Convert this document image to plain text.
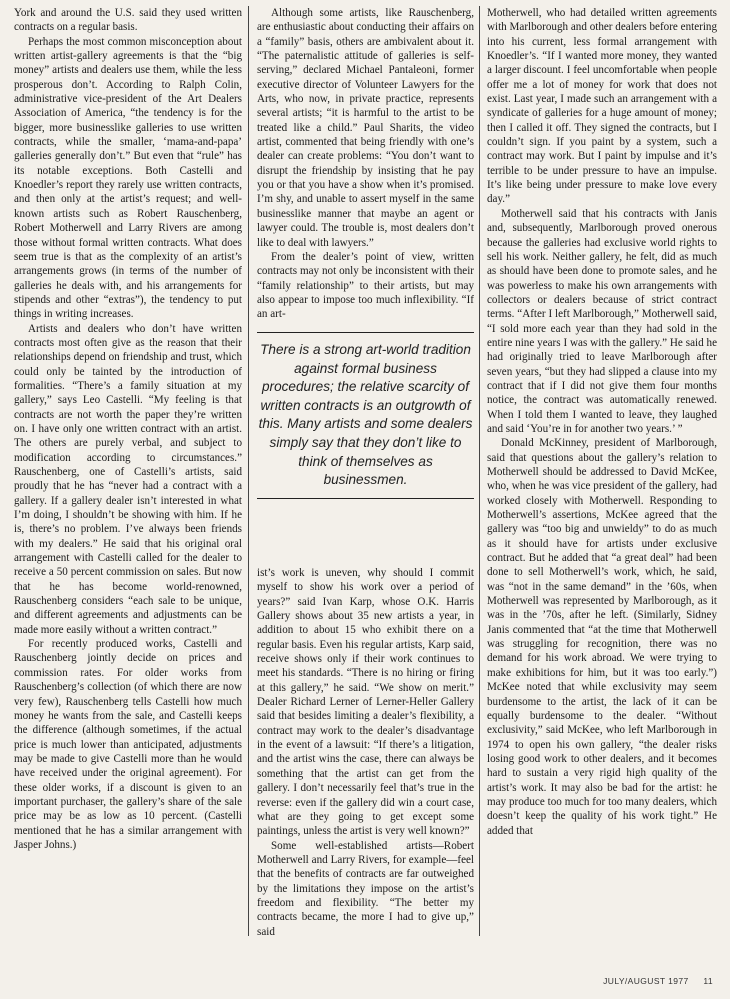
York and around the U.S. said they used written contracts on a regular basis.

Perhaps the most common misconception about written artist-gallery agreements is that the “big money” artists and dealers use them, while the less prosperous don’t. According to Ralph Colin, administrative vice-president of the Art Dealers Association of America, “the tendency is for the bigger, more businesslike galleries to use written contracts, while the smaller, ‘mama-and-papa’ galleries generally don’t.” But even that “rule” has its notable exceptions. Both Castelli and Knoedler’s report they rarely use written contracts, and then only at the artist’s request; and well-known artists such as Robert Rauschenberg, Robert Motherwell and Larry Rivers are among those without formal written contracts. What does seem true is that as the complexity of an artist’s arrangements grows (in terms of the number of galleries he deals with, and his arrangements for stipends and other “extras”), the tendency to put things in writing increases.

Artists and dealers who don’t have written contracts most often give as the reason that their relationships depend on friendship and trust, which could only be tainted by the introduction of formalities. “There’s a family situation at my gallery,” says Leo Castelli. “My feeling is that contracts are not worth the paper they’re written on. I have only one written contract with an artist. The others are purely verbal, and subject to modification according to circumstances.” Rauschenberg, one of Castelli’s artists, said proudly that he has “never had a contract with a gallery. If a gallery dealer isn’t interested in what I’m doing, I shouldn’t be showing with him. If he is, there’s no problem. I’ve always been friends with my dealers.” He said that his original oral arrangement with Castelli called for the dealer to receive a 50 percent commission on sales. But now that he has become world-renowned, Rauschenberg considers “each sale to be unique, and different agreements and adjustments can be made more easily without a written contract.”

For recently produced works, Castelli and Rauschenberg jointly decide on prices and commission rates. For older works from Rauschenberg’s collection (of which there are now very few), Rauschenberg tells Castelli how much money he wants from the sale, and Castelli keeps the difference (although sometimes, if the actual price is much lower than anticipated, adjustments may be made to give Castelli more than he would have received under the original agreement). For these older works, if a discount is given to an important purchaser, the gallery’s share of the sale price may be as low as 10 percent. (Castelli mentioned that he has a similar arrangement with Jasper Johns.)

Although some artists, like Rauschenberg, are enthusiastic about conducting their affairs on a “family” basis, others are ambivalent about it. “The paternalistic attitude of galleries is self-serving,” declared Michael Pantaleoni, former executive director of Volunteer Lawyers for the Arts, who now, in private practice, represents several artists; “it is harmful to the artist to be treated like a child.” Paul Sharits, the video artist, commented that being friendly with one’s dealer can create problems: “You don’t want to disrupt the friendship by insisting that he pay you or that you have a show when it’s promised. I’m shy, and unable to assert myself in the same businesslike manner that maybe an agent or lawyer could. The trouble is, most dealers don’t like to deal with lawyers.”

From the dealer’s point of view, written contracts may not only be inconsistent with their “family relationship” to their artists, but may also appear to impose too much inflexibility. “If an art-

There is a strong art-world tradition against formal business procedures; the relative scarcity of written contracts is an outgrowth of this. Many artists and some dealers simply say that they don’t like to think of themselves as businessmen.

ist’s work is uneven, why should I commit myself to show his work over a period of years?” said Ivan Karp, whose O.K. Harris Gallery shows about 35 new artists a year, in addition to about 15 who exhibit there on a regular basis. Even his regular artists, Karp said, receive shows only if their work continues to meet his standards. “There is no hiring or firing at this gallery,” he said. “We show on merit.” Dealer Richard Lerner of Lerner-Heller Gallery said that besides limiting a dealer’s flexibility, a contract may work to the dealer’s disadvantage in the event of a lawsuit: “If there’s a litigation, and the artist wins the case, there can always be something that the artist can get from the gallery. I don’t necessarily feel that’s true in the reverse: even if the gallery did win a court case, what are they going to get except some paintings, unless the artist is very well known?”

Some well-established artists—Robert Motherwell and Larry Rivers, for example—feel that the benefits of contracts are far outweighed by the limitations they impose on the artist’s freedom and flexibility. “The better my contracts became, the more I had to give up,” said

Motherwell, who had detailed written agreements with Marlborough and other dealers before entering into his current, less formal arrangement with Knoedler’s. “If I wanted more money, they wanted a larger discount. I feel uncomfortable when people offer me a lot of money for work that does not exist. Last year, I made such an arrangement with a syndicate of galleries for a huge amount of money; then I called it off. They signed the contracts, but I couldn’t sign. If you paint by a system, such a contract may work. But I paint by impulse and it’s terrible to be under pressure to have an impulse. It’s like being under pressure to make love every day.”

Motherwell said that his contracts with Janis and, subsequently, Marlborough proved onerous because the galleries had exclusive world rights to sell his work. Neither gallery, he felt, did as much as should have been done to promote sales, and he was powerless to make his own arrangements with collectors or dealers because of strict contract terms. “After I left Marlborough,” Motherwell said, “I sold more each year than they had sold in the entire nine years I was with the gallery.” He said he had originally tried to leave Marlborough after seven years, “but they had slipped a clause into my contract that if I did not give them four months notice, the contract was automatically renewed. When I told them I wanted to leave, they laughed and said ‘You’re in for another two years.’ ”

Donald McKinney, president of Marlborough, said that questions about the gallery’s relation to Motherwell should be addressed to David McKee, who, when he was vice president of the gallery, had worked closely with Motherwell. Responding to Motherwell’s assertions, McKee agreed that the gallery was “too big and unwieldy” to do as much as it should have for artists under exclusive contract. But he added that “a great deal” had been done to sell Motherwell’s work, which, he said, was “not in the same demand” in the ’60s, when Motherwell was represented by Marlborough, as it was in the ’70s, after he left. (Similarly, Sidney Janis commented that “at the time that Motherwell was struggling for recognition, there was no demand for his work abroad. We were trying to make exhibitions for him, but it was too early.”) McKee noted that while exclusivity may seem burdensome to the artist, the lack of it can be equally burdensome to the dealer. “Without exclusivity,” said McKee, who left Marlborough in 1974 to open his own gallery, “the dealer risks losing good work to other dealers, and it becomes hard to sustain a very rigid high quality of the artist’s work. It may also be bad for the artist: he may produce too much for too many dealers, which doesn’t keep the quality of his work tight.” He added that

JULY/AUGUST 1977 11
